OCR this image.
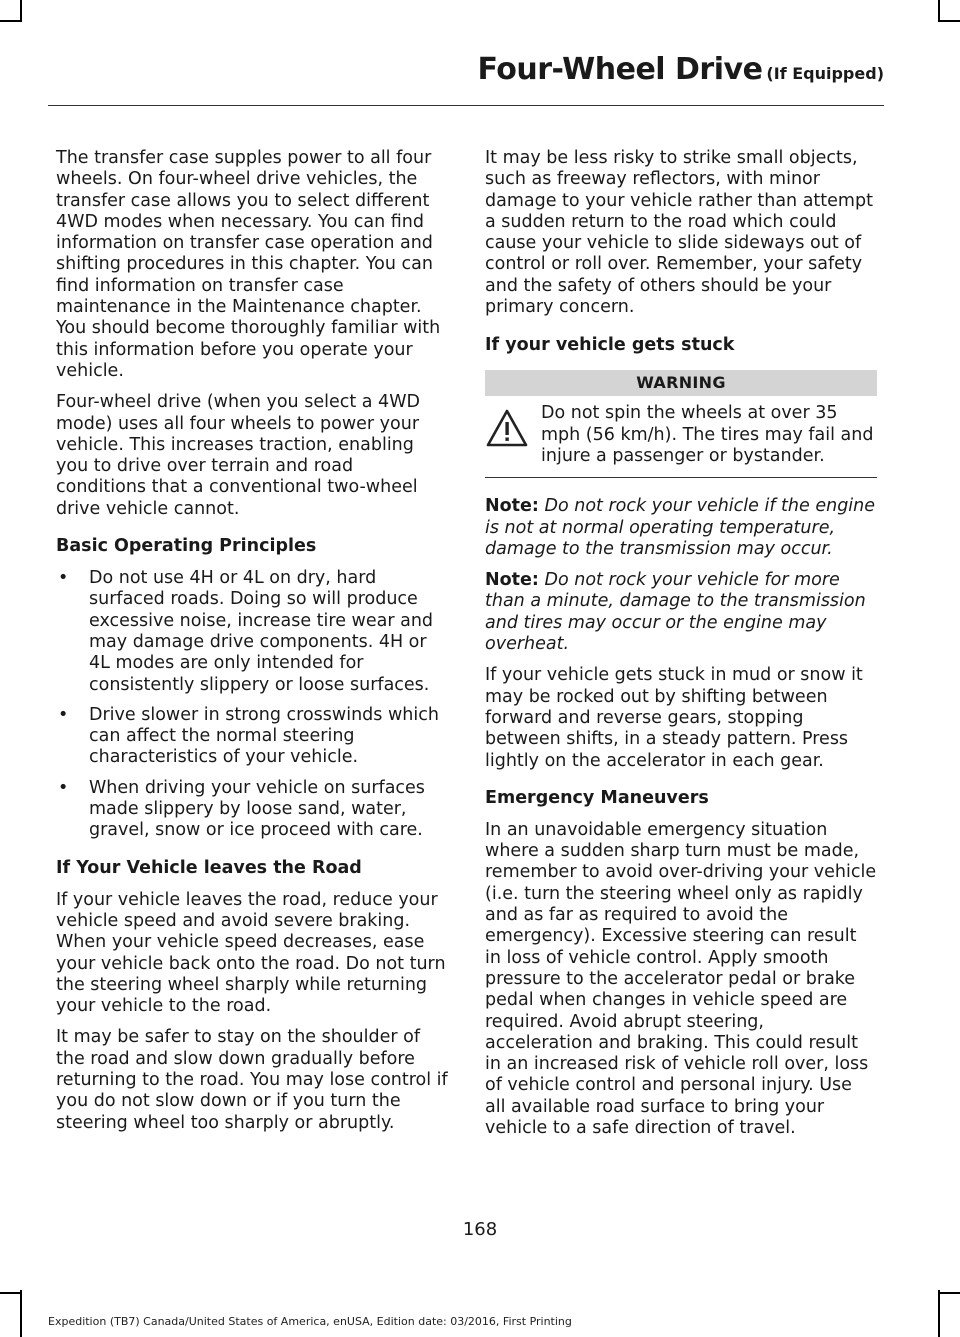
Four-Wheel Drive (If Equipped)

The transfer case supples power to all four wheels. On four-wheel drive vehicles, the transfer case allows you to select different 4WD modes when necessary. You can find information on transfer case operation and shifting procedures in this chapter. You can find information on transfer case maintenance in the Maintenance chapter. You should become thoroughly familiar with this information before you operate your vehicle.

Four-wheel drive (when you select a 4WD mode) uses all four wheels to power your vehicle. This increases traction, enabling you to drive over terrain and road conditions that a conventional two-wheel drive vehicle cannot.

Basic Operating Principles
• Do not use 4H or 4L on dry, hard surfaced roads. Doing so will produce excessive noise, increase tire wear and may damage drive components. 4H or 4L modes are only intended for consistently slippery or loose surfaces.
• Drive slower in strong crosswinds which can affect the normal steering characteristics of your vehicle.
• When driving your vehicle on surfaces made slippery by loose sand, water, gravel, snow or ice proceed with care.
If Your Vehicle leaves the Road

If your vehicle leaves the road, reduce your vehicle speed and avoid severe braking. When your vehicle speed decreases, ease your vehicle back onto the road. Do not turn the steering wheel sharply while returning your vehicle to the road.

It may be safer to stay on the shoulder of the road and slow down gradually before returning to the road. You may lose control if you do not slow down or if you turn the steering wheel too sharply or abruptly.

It may be less risky to strike small objects, such as freeway reflectors, with minor damage to your vehicle rather than attempt a sudden return to the road which could cause your vehicle to slide sideways out of control or roll over. Remember, your safety and the safety of others should be your primary concern.

If your vehicle gets stuck
WARNING
Do not spin the wheels at over 35 mph (56 km/h). The tires may fail and injure a passenger or bystander.

Note: Do not rock your vehicle if the engine is not at normal operating temperature, damage to the transmission may occur.

Note: Do not rock your vehicle for more than a minute, damage to the transmission and tires may occur or the engine may overheat.

If your vehicle gets stuck in mud or snow it may be rocked out by shifting between forward and reverse gears, stopping between shifts, in a steady pattern. Press lightly on the accelerator in each gear.

Emergency Maneuvers

In an unavoidable emergency situation where a sudden sharp turn must be made, remember to avoid over-driving your vehicle (i.e. turn the steering wheel only as rapidly and as far as required to avoid the emergency). Excessive steering can result in loss of vehicle control. Apply smooth pressure to the accelerator pedal or brake pedal when changes in vehicle speed are required. Avoid abrupt steering, acceleration and braking. This could result in an increased risk of vehicle roll over, loss of vehicle control and personal injury. Use all available road surface to bring your vehicle to a safe direction of travel.

168
Expedition (TB7) Canada/United States of America, enUSA, Edition date: 03/2016, First Printing
